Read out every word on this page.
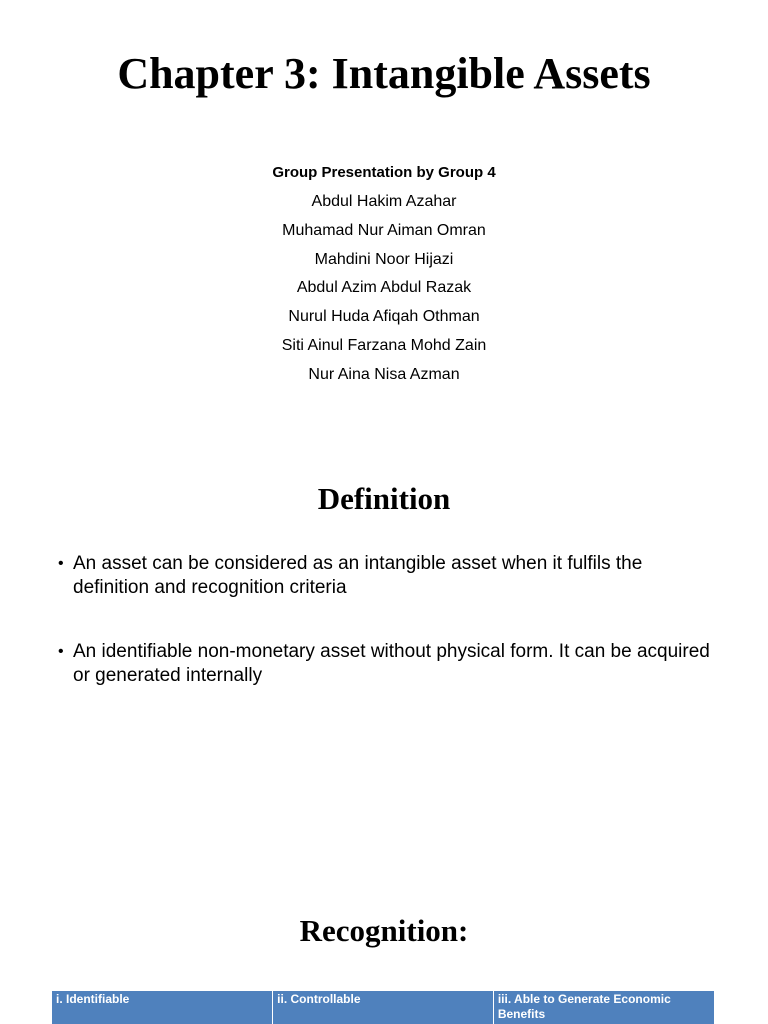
Chapter 3: Intangible Assets
Group Presentation by Group 4
Abdul Hakim Azahar
Muhamad Nur Aiman Omran
Mahdini Noor Hijazi
Abdul Azim Abdul Razak
Nurul Huda Afiqah Othman
Siti Ainul Farzana Mohd Zain
Nur Aina Nisa Azman
Definition
• An asset can be considered as an intangible asset when it fulfils the definition and recognition criteria
• An identifiable non-monetary asset without physical form. It can be acquired or generated internally
Recognition:
i. Identifiable	ii. Controllable	iii. Able to Generate Economic Benefits
